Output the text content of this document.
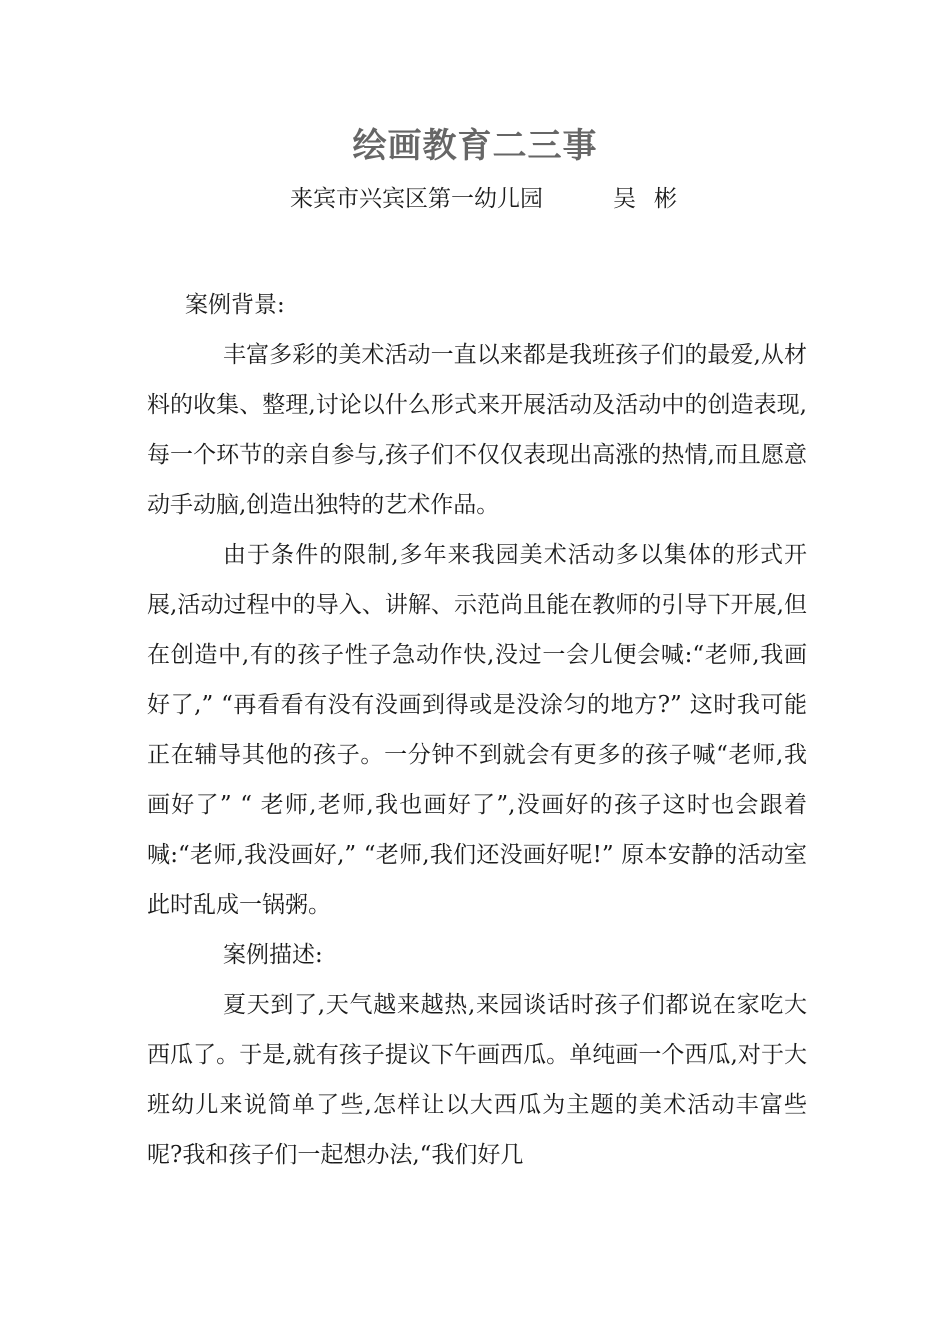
绘画教育二三事
来宾市兴宾区第一幼儿园	吴彬

案例背景:

丰富多彩的美术活动一直以来都是我班孩子们的最爱,从材料的收集、整理,讨论以什么形式来开展活动及活动中的创造表现,每一个环节的亲自参与,孩子们不仅仅表现出高涨的热情,而且愿意动手动脑,创造出独特的艺术作品。

由于条件的限制,多年来我园美术活动多以集体的形式开展,活动过程中的导入、讲解、示范尚且能在教师的引导下开展,但在创造中,有的孩子性子急动作快,没过一会儿便会喊:“老师,我画好了,” “再看看有没有没画到得或是没涂匀的地方?” 这时我可能正在辅导其他的孩子。一分钟不到就会有更多的孩子喊“老师,我画好了” “ 老师,老师,我也画好了”,没画好的孩子这时也会跟着喊:“老师,我没画好,” “老师,我们还没画好呢!” 原本安静的活动室此时乱成一锅粥。

案例描述:

夏天到了,天气越来越热,来园谈话时孩子们都说在家吃大西瓜了。于是,就有孩子提议下午画西瓜。单纯画一个西瓜,对于大班幼儿来说简单了些,怎样让以大西瓜为主题的美术活动丰富些呢?我和孩子们一起想办法,“我们好几
